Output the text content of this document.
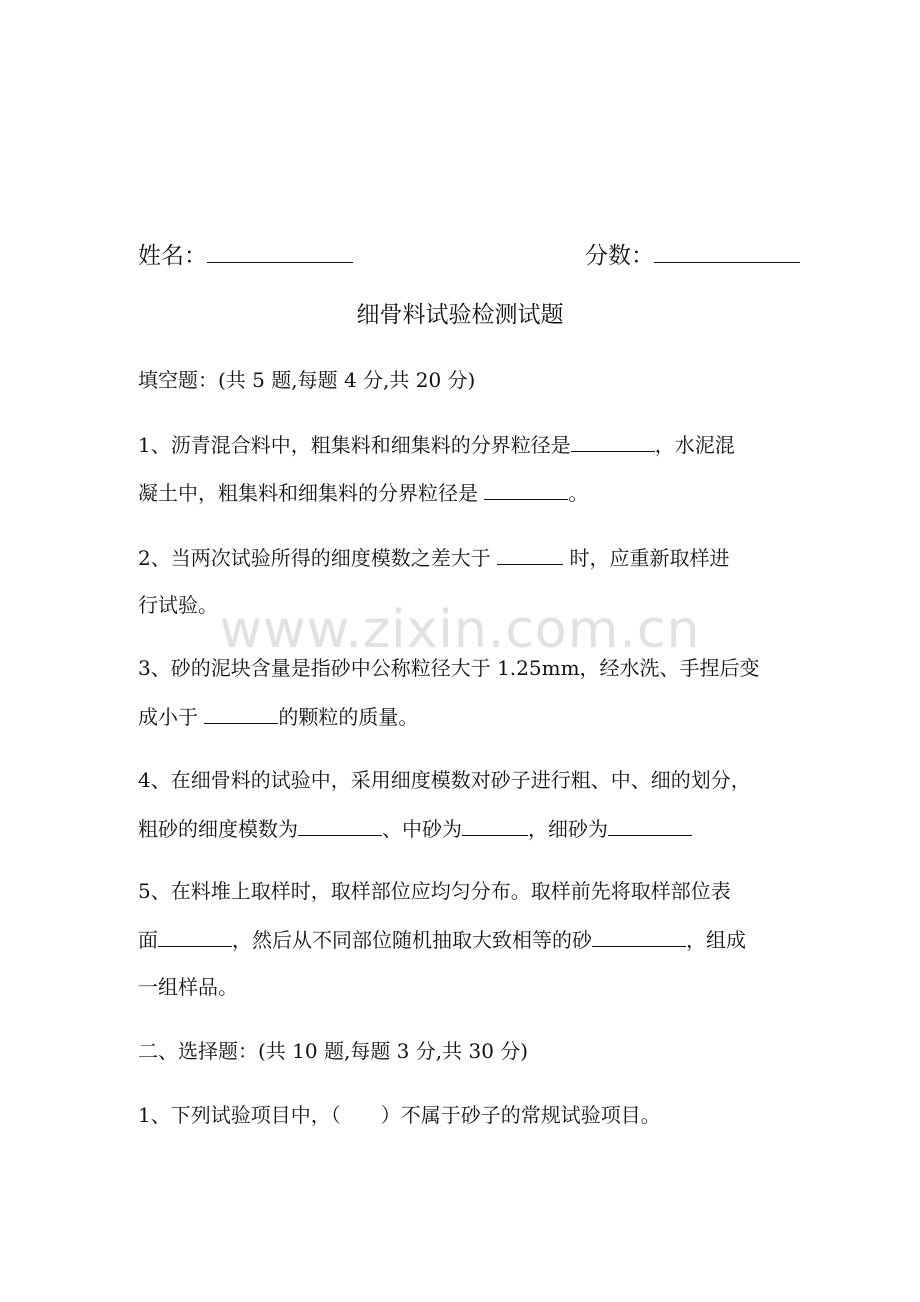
姓名：	分数：
细骨料试验检测试题
填空题：(共 5 题,每题 4 分,共 20 分)
1、沥青混合料中，粗集料和细集料的分界粒径是	，水泥混
凝土中，粗集料和细集料的分界粒径是	。
2、当两次试验所得的细度模数之差大于	时，应重新取样进
行试验。
3、砂的泥块含量是指砂中公称粒径大于 1.25mm，经水洗、手捏后变
成小于	的颗粒的质量。
4、在细骨料的试验中，采用细度模数对砂子进行粗、中、细的划分，
粗砂的细度模数为	、中砂为	，细砂为
5、在料堆上取样时，取样部位应均匀分布。取样前先将取样部位表
面	，然后从不同部位随机抽取大致相等的砂	，组成
一组样品。
二、选择题：(共 10 题,每题 3 分,共 30 分)
1、下列试验项目中，（　　）不属于砂子的常规试验项目。
www.zixin.com.cn
